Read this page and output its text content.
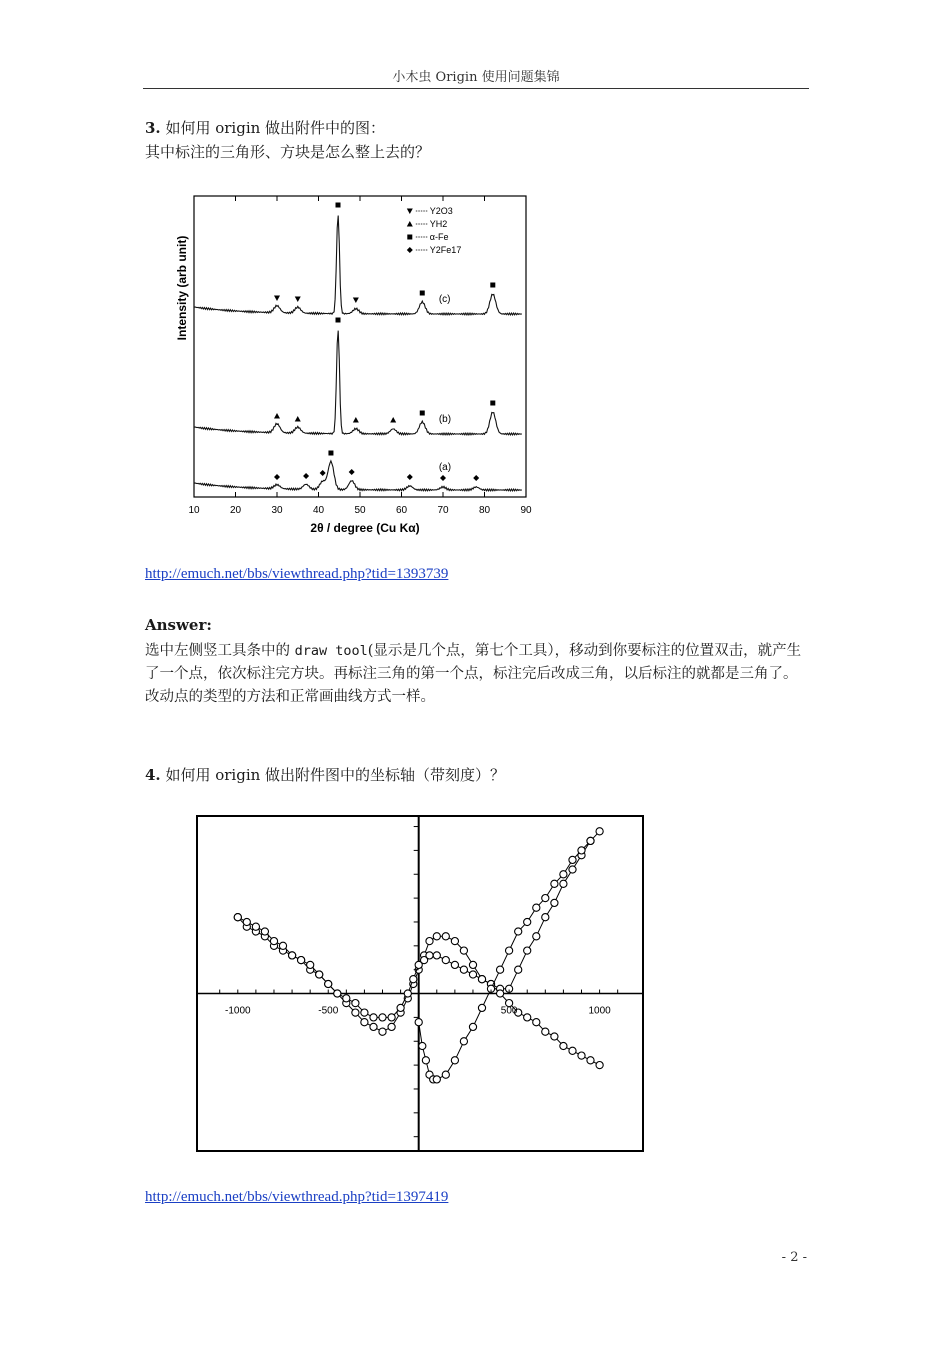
小木虫 Origin 使用问题集锦
3. 如何用 origin 做出附件中的图：
其中标注的三角形、方块是怎么整上去的？
(c)
(b)
(a)
10	20	30	40	50	60	70	80	90
Y2O3
YH2
α-Fe
Y2Fe17
Intensity (arb unit)
2θ / degree (Cu Kα)
http://emuch.net/bbs/viewthread.php?tid=1393739
Answer:
选中左侧竖工具条中的 draw tool(显示是几个点，第七个工具），移动到你要标注的位置双击，就产生了一个点，依次标注完方块。再标注三角的第一个点，标注完后改成三角，以后标注的就都是三角了。改动点的类型的方法和正常画曲线方式一样。
4. 如何用 origin 做出附件图中的坐标轴（带刻度）？
-1000	-500	500	1000
http://emuch.net/bbs/viewthread.php?tid=1397419
- 2 -
